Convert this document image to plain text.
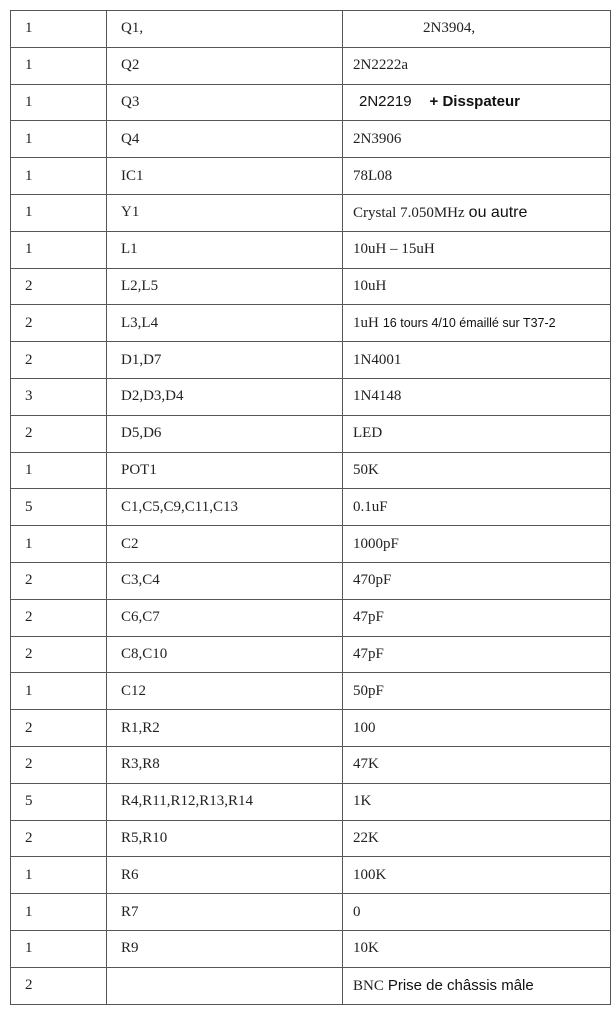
1	Q1,	2N3904,
1	Q2	2N2222a
1	Q3	2N2219 + Disspateur
1	Q4	2N3906
1	IC1	78L08
1	Y1	Crystal 7.050MHz ou autre
1	L1	10uH – 15uH
2	L2,L5	10uH
2	L3,L4	1uH 16 tours 4/10 émaillé sur T37-2
2	D1,D7	1N4001
3	D2,D3,D4	1N4148
2	D5,D6	LED
1	POT1	50K
5	C1,C5,C9,C11,C13	0.1uF
1	C2	1000pF
2	C3,C4	470pF
2	C6,C7	47pF
2	C8,C10	47pF
1	C12	50pF
2	R1,R2	100
2	R3,R8	47K
5	R4,R11,R12,R13,R14	1K
2	R5,R10	22K
1	R6	100K
1	R7	0
1	R9	10K
2		BNC Prise de châssis mâle
